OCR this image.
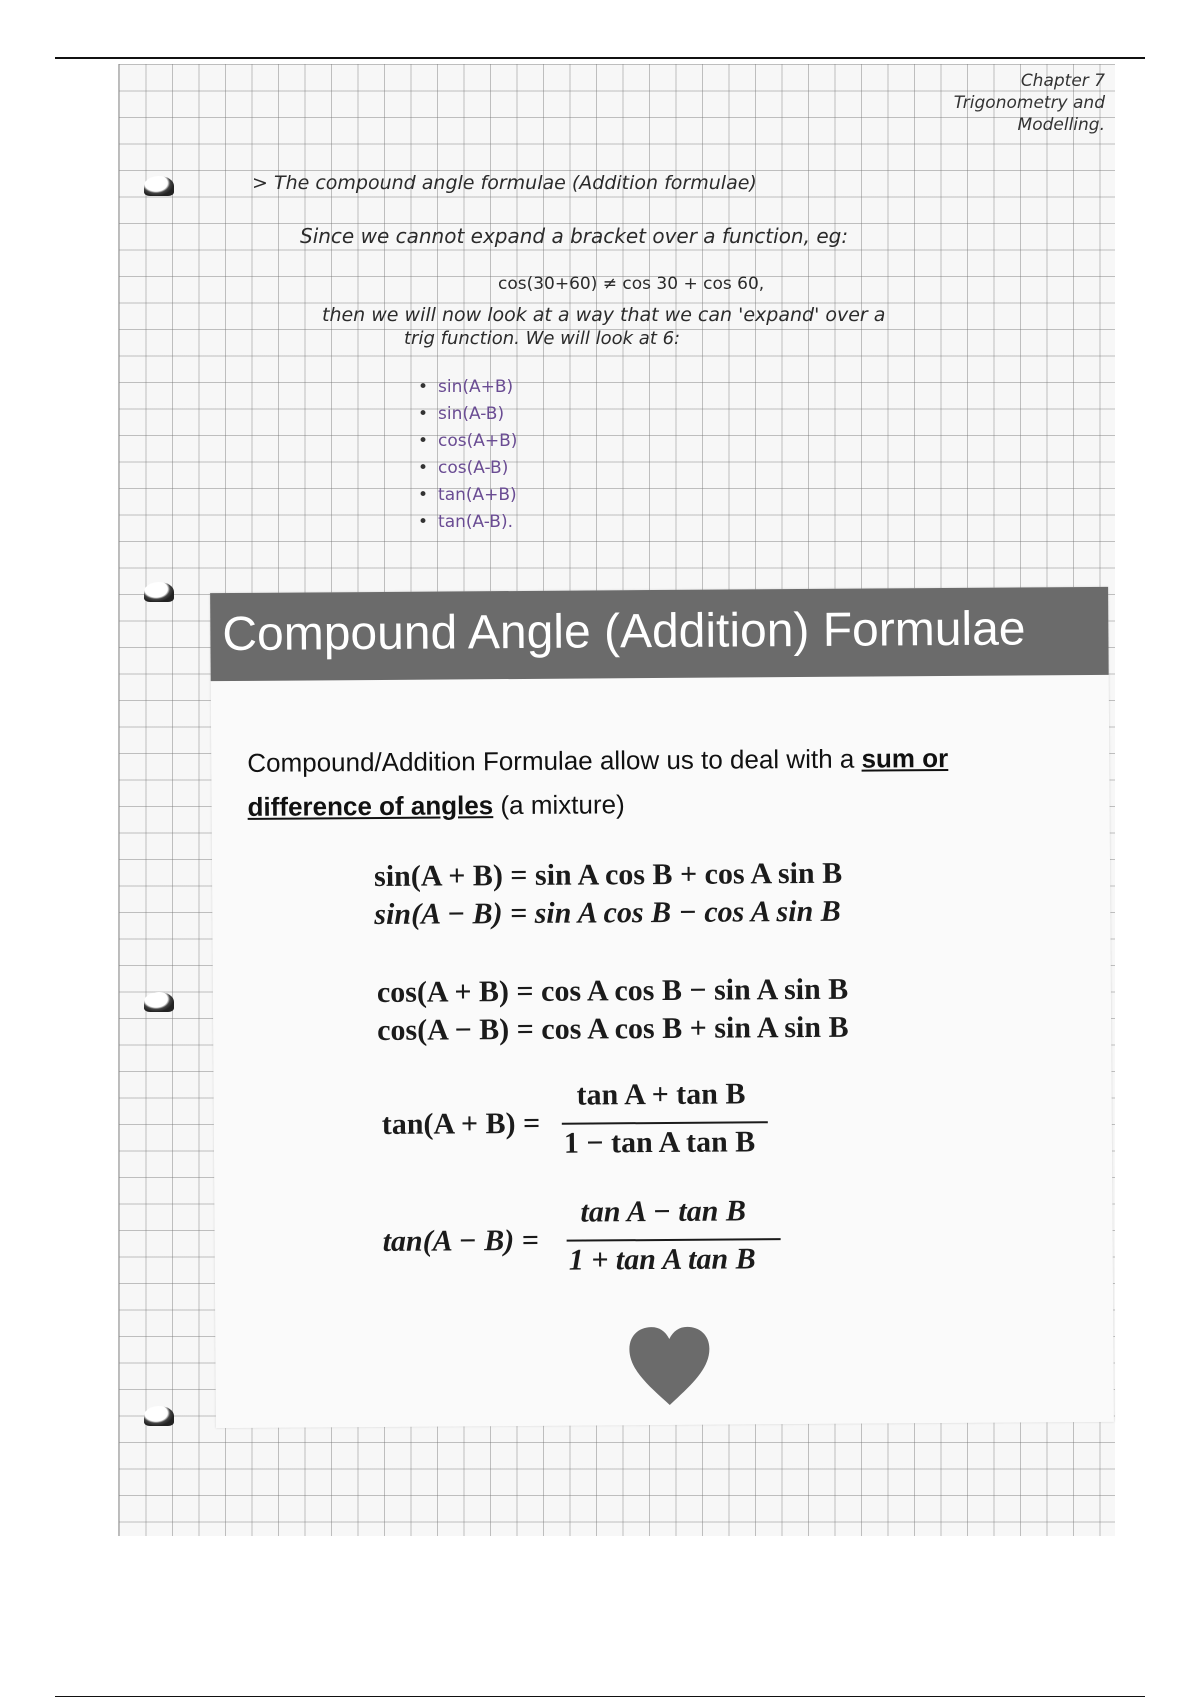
Chapter 7
Trigonometry and
Modelling.
> The compound angle formulae (Addition formulae)
Since we cannot expand a bracket over a function, eg:
cos(30+60) ≠ cos 30 + cos 60,
then we will now look at a way that we can 'expand' over a
trig function. We will look at 6:
• sin(A+B)
• sin(A-B)
• cos(A+B)
• cos(A-B)
• tan(A+B)
• tan(A-B).
Compound Angle (Addition) Formulae
Compound/Addition Formulae allow us to deal with a sum or difference of angles (a mixture)
sin(A + B) = sin A cos B + cos A sin B
sin(A − B) = sin A cos B − cos A sin B
cos(A + B) = cos A cos B − sin A sin B
cos(A − B) = cos A cos B + sin A sin B
tan(A + B) =
tan A + tan B
1 − tan A tan B
tan(A − B) =
tan A − tan B
1 + tan A tan B
